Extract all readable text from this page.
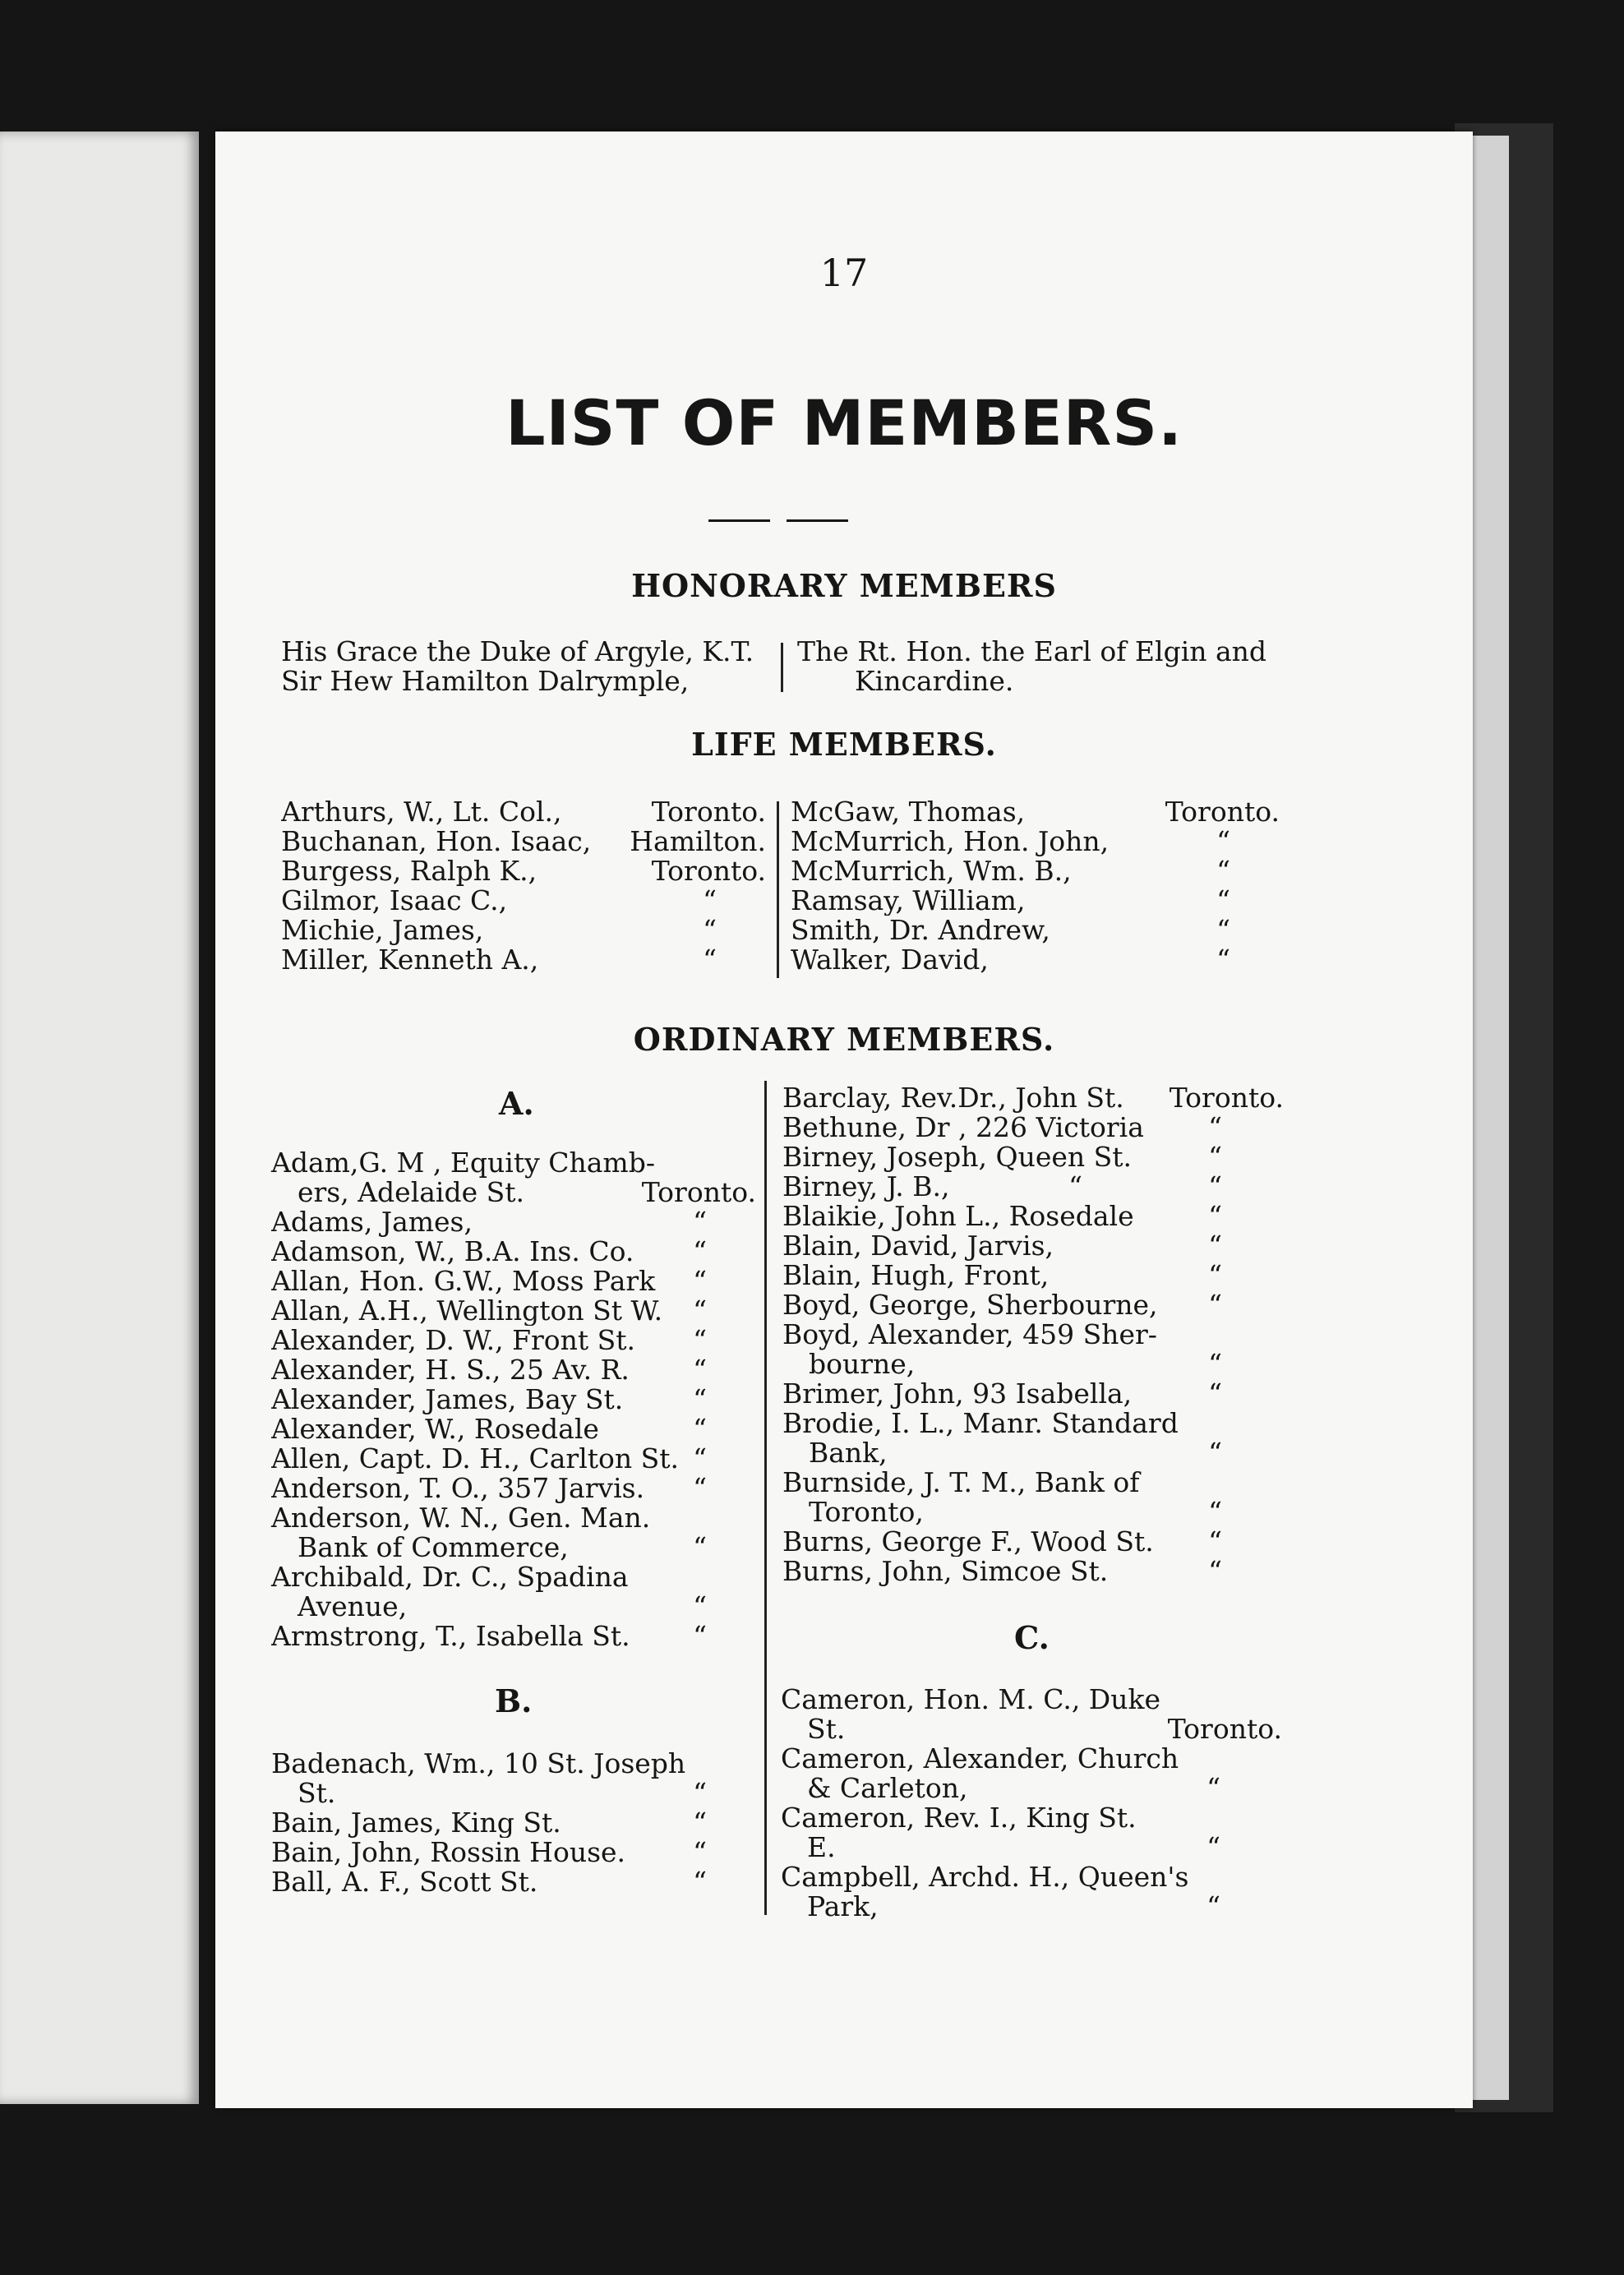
17
LIST OF MEMBERS.
HONORARY MEMBERS
His Grace the Duke of Argyle, K.T.
Sir Hew Hamilton Dalrymple,
The Rt. Hon. the Earl of Elgin and
Kincardine.
LIFE MEMBERS.
Arthurs, W., Lt. Col.,	Toronto.
Buchanan, Hon. Isaac,	Hamilton.
Burgess, Ralph K.,	Toronto.
Gilmor, Isaac C.,	“
Michie, James,	“
Miller, Kenneth A.,	“
McGaw, Thomas,	Toronto.
McMurrich, Hon. John,	“
McMurrich, Wm. B.,	“
Ramsay, William,	“
Smith, Dr. Andrew,	“
Walker, David,	“
ORDINARY MEMBERS.
A.
Adam,G. M , Equity Chamb-
ers, Adelaide St.	Toronto.
Adams, James,	“
Adamson, W., B.A. Ins. Co.	“
Allan, Hon. G.W., Moss Park	“
Allan, A.H., Wellington St W.	“
Alexander, D. W., Front St.	“
Alexander, H. S., 25 Av. R.	“
Alexander, James, Bay St.	“
Alexander, W., Rosedale	“
Allen, Capt. D. H., Carlton St. “
Anderson, T. O., 357 Jarvis.	“
Anderson, W. N., Gen. Man.
Bank of Commerce,	“
Archibald, Dr. C., Spadina
Avenue,	“
Armstrong, T., Isabella St.	“
B.
Badenach, Wm., 10 St. Joseph
St.	“
Bain, James, King St.	“
Bain, John, Rossin House.	“
Ball, A. F., Scott St.	“
Barclay, Rev.Dr., John St.	Toronto.
Bethune, Dr , 226 Victoria	“
Birney, Joseph, Queen St.	“
Birney, J. B.,	“	“
Blaikie, John L., Rosedale	“
Blain, David, Jarvis,	“
Blain, Hugh, Front,	“
Boyd, George, Sherbourne,	“
Boyd, Alexander, 459 Sher-
bourne,	“
Brimer, John, 93 Isabella,	“
Brodie, I. L., Manr. Standard
Bank,	“
Burnside, J. T. M., Bank of
Toronto,	“
Burns, George F., Wood St.	“
Burns, John, Simcoe St.	“
C.
Cameron, Hon. M. C., Duke
St.	Toronto.
Cameron, Alexander, Church
& Carleton,	“
Cameron, Rev. I., King St.
E.	“
Campbell, Archd. H., Queen's
Park,	“
